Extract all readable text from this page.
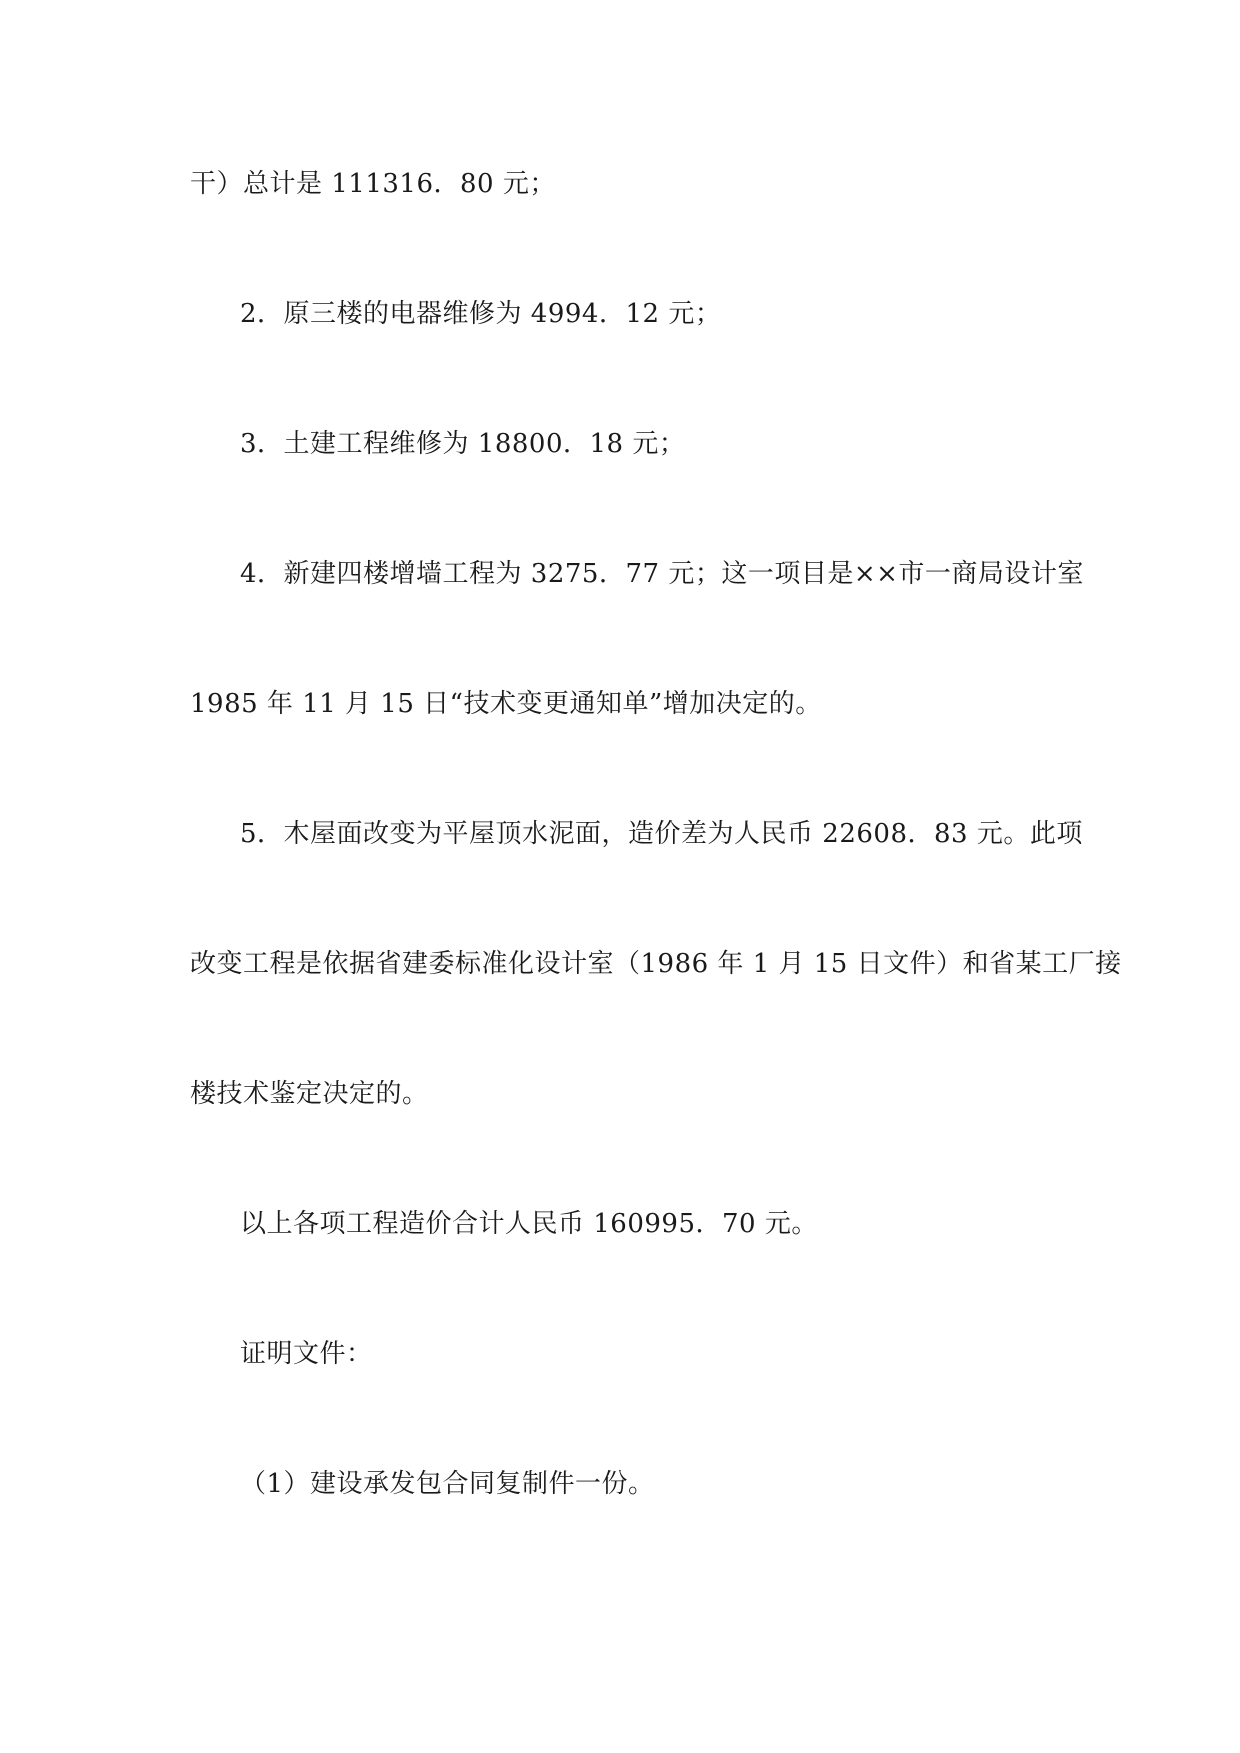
干）总计是 111316．80 元；
2．原三楼的电器维修为 4994．12 元；
3．土建工程维修为 18800．18 元；
4．新建四楼增墙工程为 3275．77 元；这一项目是××市一商局设计室
1985 年 11 月 15 日“技术变更通知单”增加决定的。
5．木屋面改变为平屋顶水泥面，造价差为人民币 22608．83 元。此项
改变工程是依据省建委标准化设计室（1986 年 1 月 15 日文件）和省某工厂接
楼技术鉴定决定的。
以上各项工程造价合计人民币 160995．70 元。
证明文件：
（1）建设承发包合同复制件一份。
